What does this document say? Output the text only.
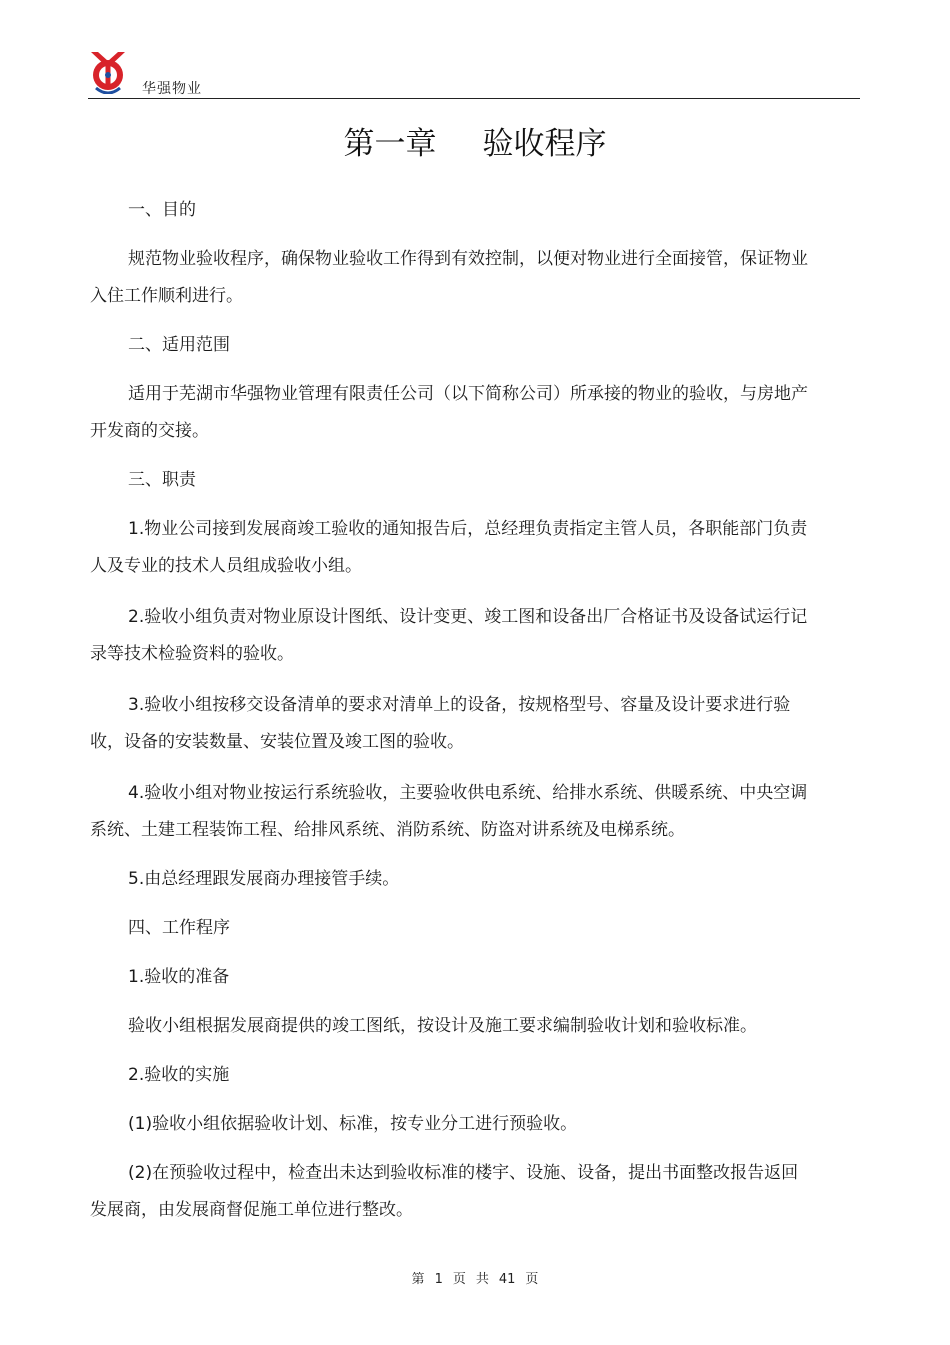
华强物业
第一章 验收程序

一、目的

规范物业验收程序，确保物业验收工作得到有效控制，以便对物业进行全面接管，保证物业入住工作顺利进行。

二、适用范围

适用于芜湖市华强物业管理有限责任公司（以下简称公司）所承接的物业的验收，与房地产开发商的交接。

三、职责

1.物业公司接到发展商竣工验收的通知报告后，总经理负责指定主管人员，各职能部门负责人及专业的技术人员组成验收小组。

2.验收小组负责对物业原设计图纸、设计变更、竣工图和设备出厂合格证书及设备试运行记录等技术检验资料的验收。

3.验收小组按移交设备清单的要求对清单上的设备，按规格型号、容量及设计要求进行验收，设备的安装数量、安装位置及竣工图的验收。

4.验收小组对物业按运行系统验收，主要验收供电系统、给排水系统、供暖系统、中央空调系统、土建工程装饰工程、给排风系统、消防系统、防盗对讲系统及电梯系统。

5.由总经理跟发展商办理接管手续。

四、工作程序

1.验收的准备

验收小组根据发展商提供的竣工图纸，按设计及施工要求编制验收计划和验收标准。

2.验收的实施

(1)验收小组依据验收计划、标准，按专业分工进行预验收。

(2)在预验收过程中，检查出未达到验收标准的楼宇、设施、设备，提出书面整改报告返回发展商，由发展商督促施工单位进行整改。

第 1 页 共 41 页
